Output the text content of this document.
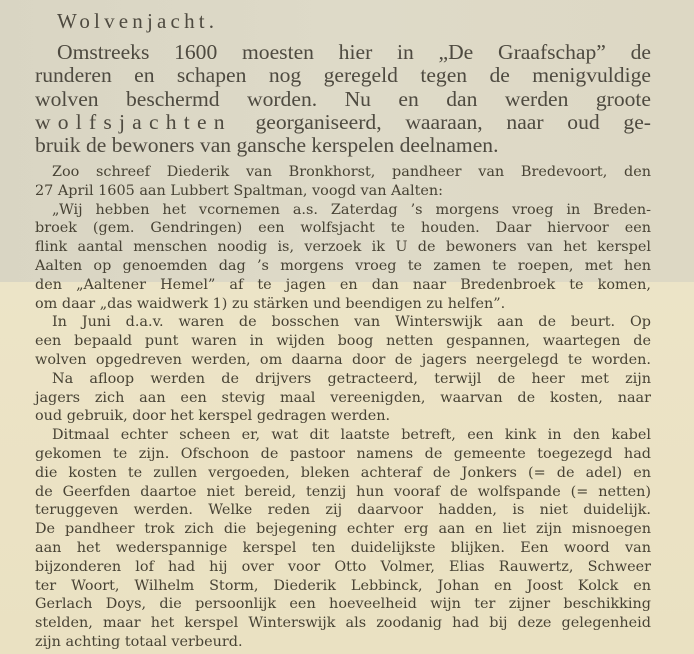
Wolvenjacht.
Omstreeks 1600 moesten hier in „De Graafschap” de
runderen en schapen nog geregeld tegen de menigvuldige
wolven beschermd worden. Nu en dan werden groote
wolfsjachten georganiseerd, waaraan, naar oud ge-
bruik de bewoners van gansche kerspelen deelnamen.
Zoo schreef Diederik van Bronkhorst, pandheer van Bredevoort, den
27 April 1605 aan Lubbert Spaltman, voogd van Aalten:
„Wij hebben het vcornemen a.s. Zaterdag ’s morgens vroeg in Breden-
broek (gem. Gendringen) een wolfsjacht te houden. Daar hiervoor een
flink aantal menschen noodig is, verzoek ik U de bewoners van het kerspel
Aalten op genoemden dag ’s morgens vroeg te zamen te roepen, met hen
den „Aaltener Hemel” af te jagen en dan naar Bredenbroek te komen,
om daar „das waidwerk 1) zu stärken und beendigen zu helfen”.
In Juni d.a.v. waren de bosschen van Winterswijk aan de beurt. Op
een bepaald punt waren in wijden boog netten gespannen, waartegen de
wolven opgedreven werden, om daarna door de jagers neergelegd te worden.
Na afloop werden de drijvers getracteerd, terwijl de heer met zijn
jagers zich aan een stevig maal vereenigden, waarvan de kosten, naar
oud gebruik, door het kerspel gedragen werden.
Ditmaal echter scheen er, wat dit laatste betreft, een kink in den kabel
gekomen te zijn. Ofschoon de pastoor namens de gemeente toegezegd had
die kosten te zullen vergoeden, bleken achteraf de Jonkers (= de adel) en
de Geerfden daartoe niet bereid, tenzij hun vooraf de wolfspande (= netten)
teruggeven werden. Welke reden zij daarvoor hadden, is niet duidelijk.
De pandheer trok zich die bejegening echter erg aan en liet zijn misnoegen
aan het wederspannige kerspel ten duidelijkste blijken. Een woord van
bijzonderen lof had hij over voor Otto Volmer, Elias Rauwertz, Schweer
ter Woort, Wilhelm Storm, Diederik Lebbinck, Johan en Joost Kolck en
Gerlach Doys, die persoonlijk een hoeveelheid wijn ter zijner beschikking
stelden, maar het kerspel Winterswijk als zoodanig had bij deze gelegenheid
zijn achting totaal verbeurd.
